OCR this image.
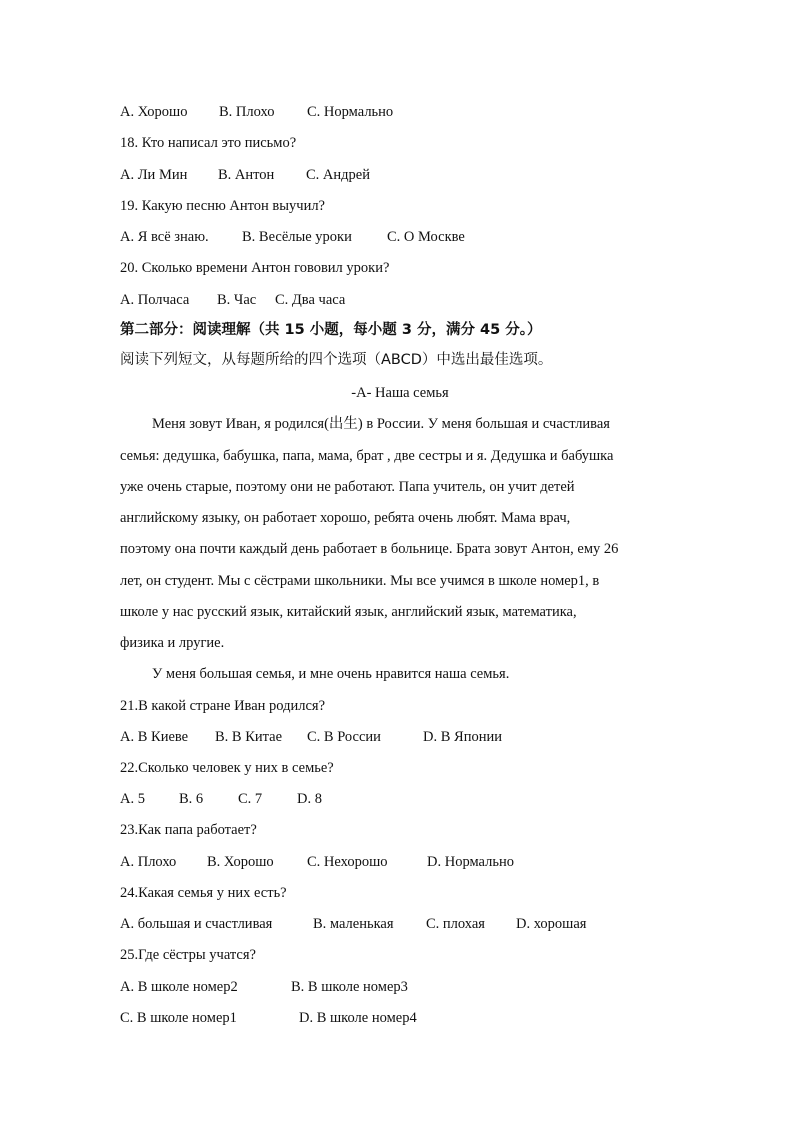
A. Хорошо B. Плохо C. Нормально
18. Кто написал это письмо?
A. Ли Мин B. Антон C. Андрей
19. Какую песню Антон выучил?
A. Я всё знаю. B. Весёлые уроки C. О Москве
20. Сколько времени Антон гововил уроки?
A. Полчаса B. Час C. Два часа
第二部分：阅读理解（共 15 小题，每小题 3 分，满分 45 分。）
阅读下列短文，从每题所给的四个选项（ABCD）中选出最佳选项。
-A- Наша семья
Меня зовут Иван, я родился(出生) в России. У меня большая и счастливая
семья: дедушка, бабушка, папа, мама, брат , две сестры и я. Дедушка и бабушка
уже очень старые, поэтому они не работают. Папа учитель, он учит детей
английскому языку, он работает хорошо, ребята очень любят. Мама врач,
поэтому она почти каждый день работает в больнице. Брата зовут Антон, ему 26
лет, он студент. Мы с сёстрами школьники. Мы все учимся в школе номер1, в
школе у нас русский язык, китайский язык, английский язык, математика,
физика и лругие.
У меня большая семья, и мне очень нравится наша семья.
21.В какой стране Иван родился?
A. В Киеве B. В Китае C. В России	D. В Японии
22.Сколько человек у них в семье?
A. 5 B. 6 C. 7 D. 8
23.Как папа работает?
A. Плохо B. Хорошо C. Нехорошо	D. Нормально
24.Какая семья у них есть?
A. большая и счастливая	B. маленькая C. плохая D. хорошая
25.Где сёстры учатся?
A. В школе номер2	B. В школе номер3
C. В школе номер1	D. В школе номер4
